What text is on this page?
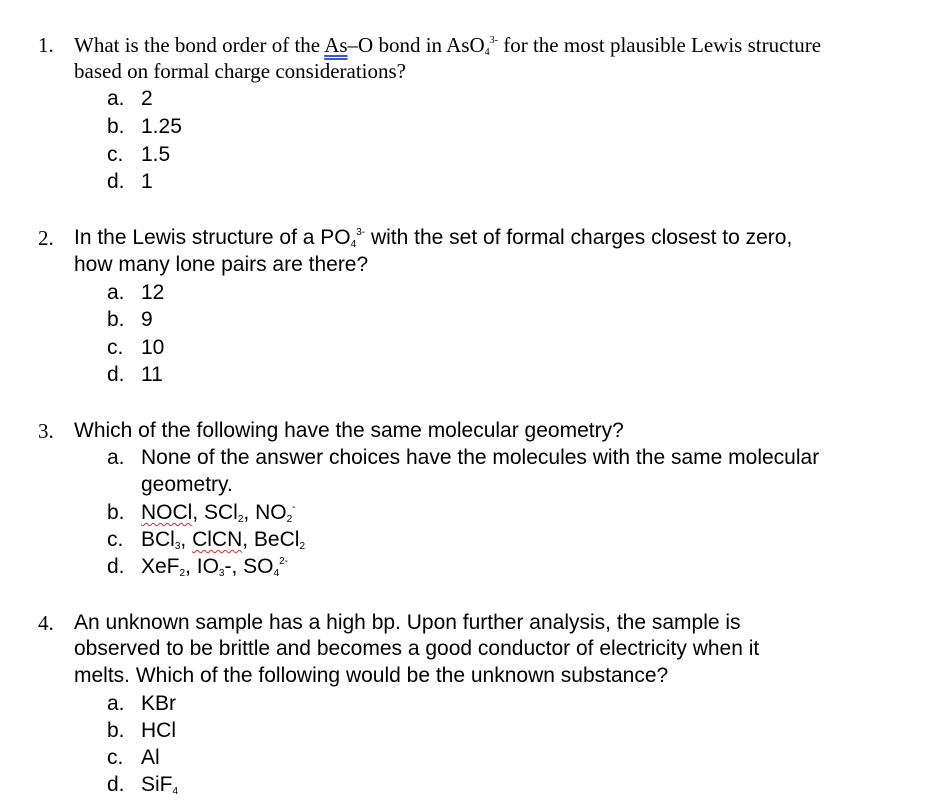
1. What is the bond order of the As–O bond in AsO$_4^{3-}$ for the most plausible Lewis structure
based on formal charge considerations?
a. 2
b. 1.25
c. 1.5
d. 1
2. In the Lewis structure of a $PO_4^{3-}$ with the set of formal charges closest to zero,
how many lone pairs are there?
a. 12
b. 9
c. 10
d. 11
3. Which of the following have the same molecular geometry?
a. None of the answer choices have the molecules with the same molecular
geometry.
b. NOCl, SCl$_2$, $NO_2^-$
c. BCl$_3$, ClCN, BeCl$_2$
d. XeF$_2$, $IO_3-$, $SO_4^{2-}$
4. An unknown sample has a high bp. Upon further analysis, the sample is
observed to be brittle and becomes a good conductor of electricity when it
melts. Which of the following would be the unknown substance?
a. KBr
b. HCl
c. Al
d. SiF$_4$
